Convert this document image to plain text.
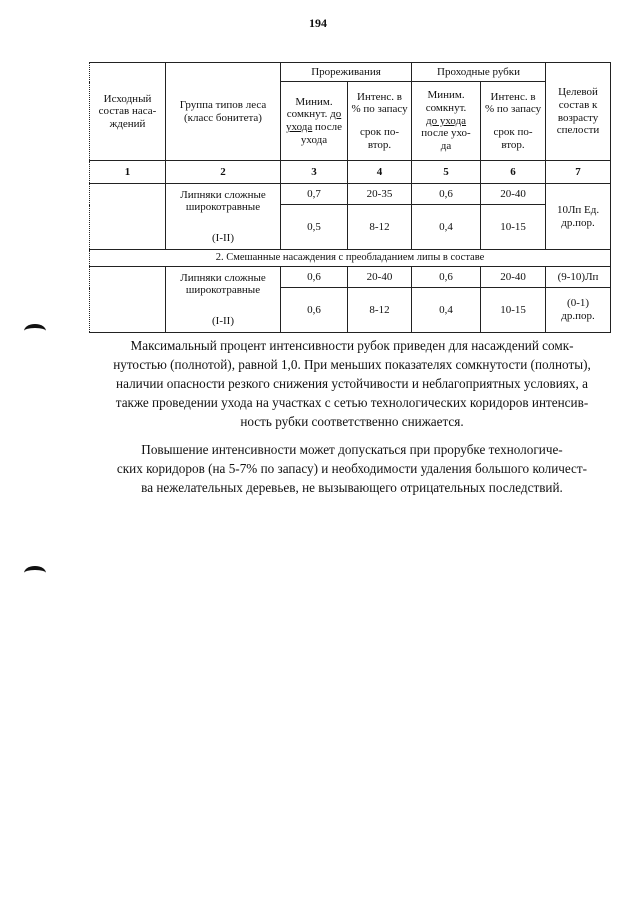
194
Исходный
состав наса-
ждений	Группа типов леса
(класс бонитета)	Прореживания		Проходные рубки		Целевой
состав к
возрасту
спелости

		Миним.
сомкнут. до
ухода после
ухода	Интенс. в
% по запасу
срок по-
втор.	Миним.
сомкнут.
до ухода
после ухо-
да	Интенс. в
% по запасу
срок по-
втор.	

1	2	3	4	5	6	7

	Липняки сложные
широкотравные
(I-II)	0,7	20-35	0,6	20-40	10Лп Ед.
др.пор.

		0,5	8-12	0,4	10-15	
2. Смешанные насаждения с преобладанием липы в составе						

	Липняки сложные
широкотравные
(I-II)	0,6	20-40	0,6	20-40	(9-10)Лп
		0,6	8-12	0,4	10-15	(0-1)
др.пор.
Максимальный процент интенсивности рубок приведен для насаждений сомк-
нутостью (полнотой), равной 1,0. При меньших показателях сомкнутости (полноты),
наличии опасности резкого снижения устойчивости и неблагоприятных условиях, а
также проведении ухода на участках с сетью технологических коридоров интенсив-
ность рубки соответственно снижается.
Повышение интенсивности может допускаться при прорубке технологиче-
ских коридоров (на 5-7% по запасу) и необходимости удаления большого количест-
ва нежелательных деревьев, не вызывающего отрицательных последствий.
